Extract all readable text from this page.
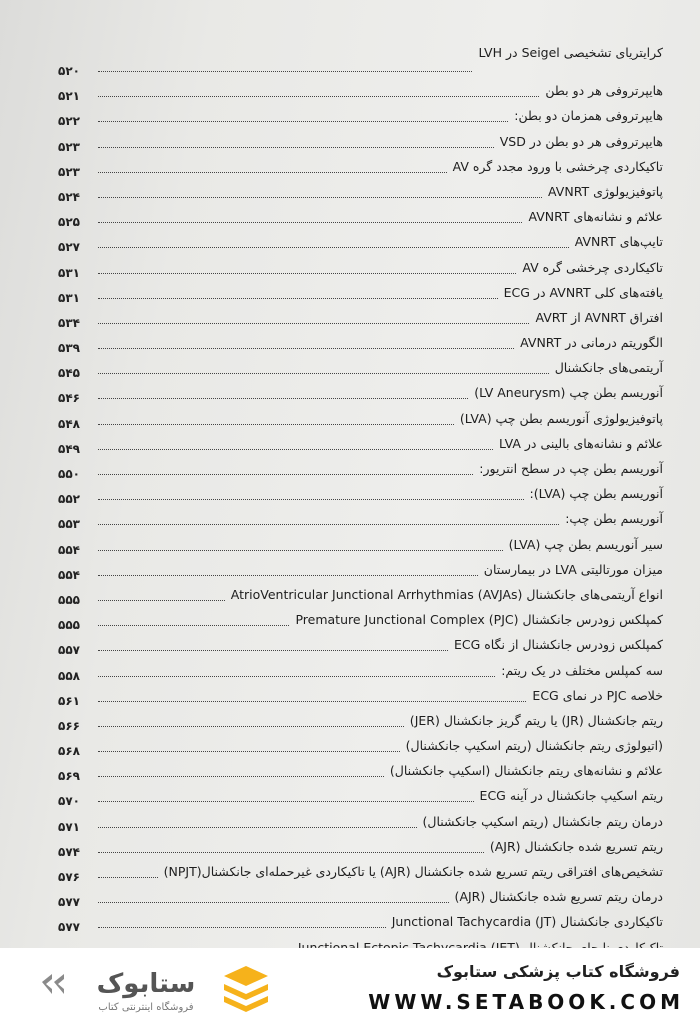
کرایتریای تشخیصی Seigel در LVH
۵۲۰
هایپرتروفی هر دو بطن
۵۲۱
هایپرتروفی همزمان دو بطن:
۵۲۲
هایپرتروفی هر دو بطن در VSD
۵۲۳
تاکیکاردی چرخشی با ورود مجدد گره AV
۵۲۳
پاتوفیزیولوژی AVNRT
۵۲۴
علائم و نشانه‌های AVNRT
۵۲۵
تایپ‌های AVNRT
۵۲۷
تاکیکاردی چرخشی گره AV
۵۳۱
یافته‌های کلی AVNRT در ECG
۵۳۱
افتراق AVNRT از AVRT
۵۳۴
الگوریتم درمانی در AVNRT
۵۳۹
آریتمی‌های جانکشنال
۵۴۵
آنوریسم بطن چپ (LV Aneurysm)
۵۴۶
پاتوفیزیولوژی آنوریسم بطن چپ (LVA)
۵۴۸
علائم و نشانه‌های بالینی در LVA
۵۴۹
آنوریسم بطن چپ در سطح انتریور:
۵۵۰
آنوریسم بطن چپ (LVA):
۵۵۲
آنوریسم بطن چپ:
۵۵۳
سیر آنوریسم بطن چپ (LVA)
۵۵۴
میزان مورتالیتی LVA در بیمارستان
۵۵۴
انواع آریتمی‌های جانکشنال (AVJAs) AtrioVentricular Junctional Arrhythmias
۵۵۵
کمپلکس زودرس جانکشنال (PJC) Premature Junctional Complex
۵۵۵
کمپلکس زودرس جانکشنال از نگاه ECG
۵۵۷
سه کمپلس مختلف در یک ریتم:
۵۵۸
خلاصه PJC در نمای ECG
۵۶۱
ریتم جانکشنال (JR) یا ریتم گریز جانکشنال (JER)
۵۶۶
(اتیولوژی ریتم جانکشنال (ریتم اسکیپ جانکشنال)
۵۶۸
علائم و نشانه‌های ریتم جانکشنال (اسکیپ جانکشنال)
۵۶۹
ریتم اسکیپ جانکشنال در آینه ECG
۵۷۰
درمان ریتم جانکشنال (ریتم اسکیپ جانکشنال)
۵۷۱
ریتم تسریع شده جانکشنال (AJR)
۵۷۴
تشخیص‌های افتراقی ریتم تسریع شده جانکشنال (AJR) یا تاکیکاردی غیرحمله‌ای جانکشنال(NPJT)
۵۷۶
درمان ریتم تسریع شده جانکشنال (AJR)
۵۷۷
تاکیکاردی جانکشنال (JT) Junctional Tachycardia
۵۷۷
ستابوک
فروشگاه اینترنتی کتاب
فروشگاه کتاب پزشکی ستابوک
WWW.SETABOOK.COM
